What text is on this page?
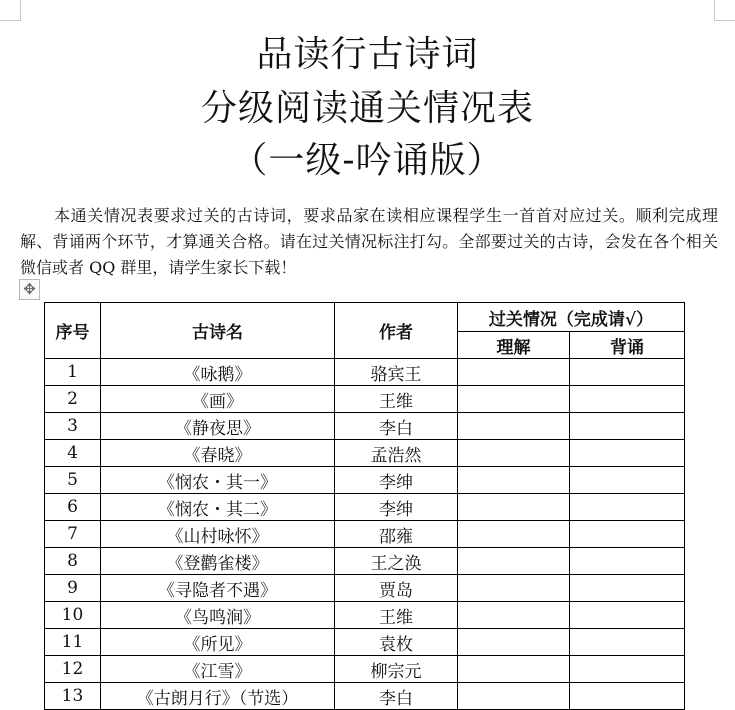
品读行古诗词
分级阅读通关情况表
（一级-吟诵版）

本通关情况表要求过关的古诗词，要求品家在读相应课程学生一首首对应过关。顺利完成理解、背诵两个环节，才算通关合格。请在过关情况标注打勾。全部要过关的古诗，会发在各个相关微信或者 QQ 群里，请学生家长下载！

✥
序号	古诗名	作者	过关情况（完成请√）	
			理解	背诵
1	《咏鹅》	骆宾王		
2	《画》	王维		
3	《静夜思》	李白		
4	《春晓》	孟浩然		
5	《悯农・其一》	李绅		
6	《悯农・其二》	李绅		
7	《山村咏怀》	邵雍		
8	《登鹳雀楼》	王之涣		
9	《寻隐者不遇》	贾岛		
10	《鸟鸣涧》	王维		
11	《所见》	袁枚		
12	《江雪》	柳宗元		
13	《古朗月行》（节选）	李白		
